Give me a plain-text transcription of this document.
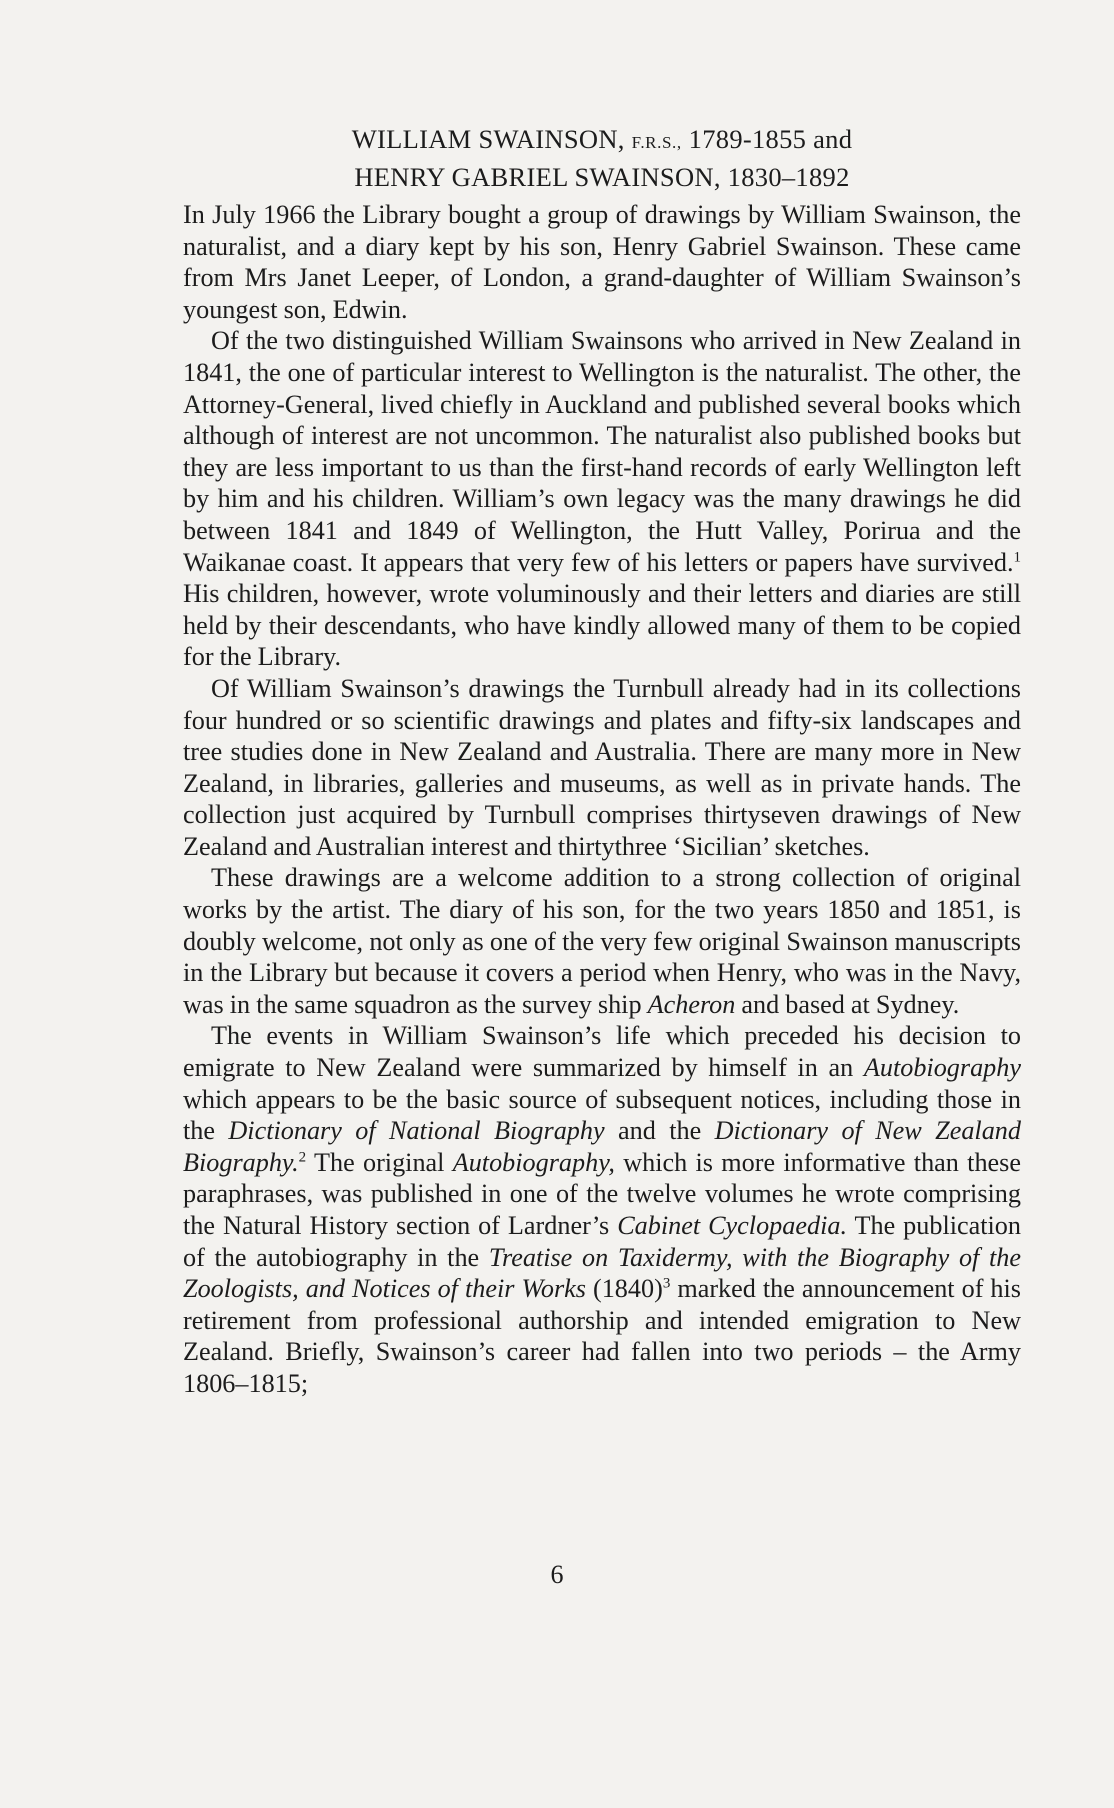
WILLIAM SWAINSON, F.R.S., 1789-1855 and
HENRY GABRIEL SWAINSON, 1830–1892

In July 1966 the Library bought a group of drawings by William Swainson, the naturalist, and a diary kept by his son, Henry Gabriel Swainson. These came from Mrs Janet Leeper, of London, a grand-daughter of William Swainson’s youngest son, Edwin.

Of the two distinguished William Swainsons who arrived in New Zealand in 1841, the one of particular interest to Wellington is the naturalist. The other, the Attorney-General, lived chiefly in Auckland and published several books which although of interest are not uncommon. The naturalist also published books but they are less important to us than the first-hand records of early Wellington left by him and his children. William’s own legacy was the many drawings he did between 1841 and 1849 of Wellington, the Hutt Valley, Porirua and the Waikanae coast. It appears that very few of his letters or papers have survived.$^1$ His children, however, wrote voluminously and their letters and diaries are still held by their descendants, who have kindly allowed many of them to be copied for the Library.

Of William Swainson’s drawings the Turnbull already had in its collections four hundred or so scientific drawings and plates and fifty-six landscapes and tree studies done in New Zealand and Australia. There are many more in New Zealand, in libraries, galleries and museums, as well as in private hands. The collection just acquired by Turnbull comprises thirtyseven drawings of New Zealand and Australian interest and thirtythree ‘Sicilian’ sketches.

These drawings are a welcome addition to a strong collection of original works by the artist. The diary of his son, for the two years 1850 and 1851, is doubly welcome, not only as one of the very few original Swainson manuscripts in the Library but because it covers a period when Henry, who was in the Navy, was in the same squadron as the survey ship Acheron and based at Sydney.

The events in William Swainson’s life which preceded his decision to emigrate to New Zealand were summarized by himself in an Autobiography which appears to be the basic source of subsequent notices, including those in the Dictionary of National Biography and the Dictionary of New Zealand Biography.$^2$ The original Autobiography, which is more informative than these paraphrases, was published in one of the twelve volumes he wrote comprising the Natural History section of Lardner’s Cabinet Cyclopaedia. The publication of the autobiography in the Treatise on Taxidermy, with the Biography of the Zoologists, and Notices of their Works $(1840)^3$ marked the announcement of his retirement from professional authorship and intended emigration to New Zealand. Briefly, Swainson’s career had fallen into two periods – the Army 1806–1815;

6
